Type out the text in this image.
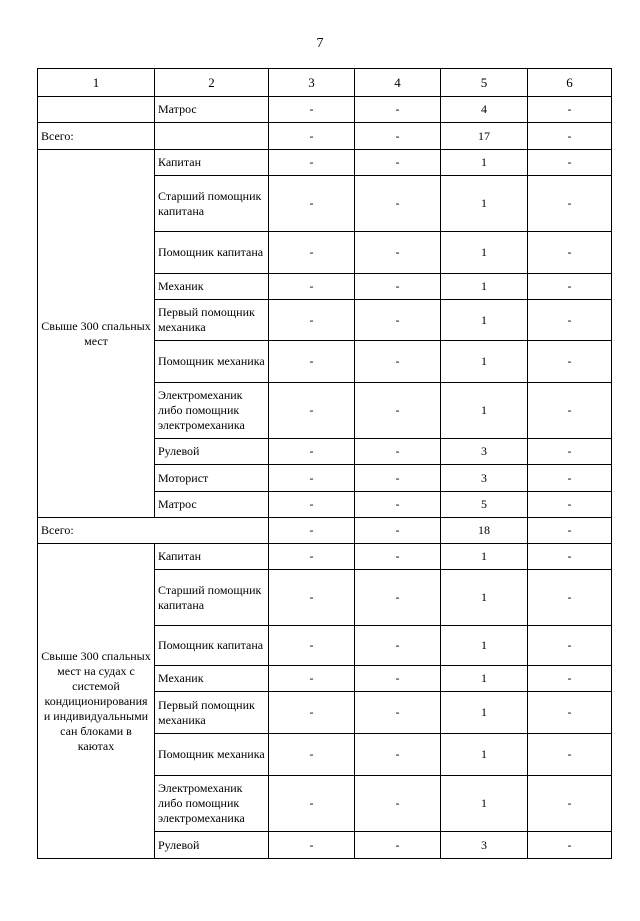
7
1	2	3	4	5	6
	Матрос	-	-	4	-
Всего:		-	-	17	-
Свыше 300 спальных мест	Капитан	-	-	1	-
	Старший помощник капитана	-	-	1	-
	Помощник капитана	-	-	1	-
	Механик	-	-	1	-
	Первый помощник механика	-	-	1	-
	Помощник механика	-	-	1	-
	Электромеханик либо помощник электромеханика	-	-	1	-
	Рулевой	-	-	3	-
	Моторист	-	-	3	-
	Матрос	-	-	5	-
Всего:		-	-	18	-
Свыше 300 спальных мест на судах с системой кондиционирования и индивидуальными сан блоками в каютах	Капитан	-	-	1	-
	Старший помощник капитана	-	-	1	-
	Помощник капитана	-	-	1	-
	Механик	-	-	1	-
	Первый помощник механика	-	-	1	-
	Помощник механика	-	-	1	-
	Электромеханик либо помощник электромеханика	-	-	1	-
	Рулевой	-	-	3	-
